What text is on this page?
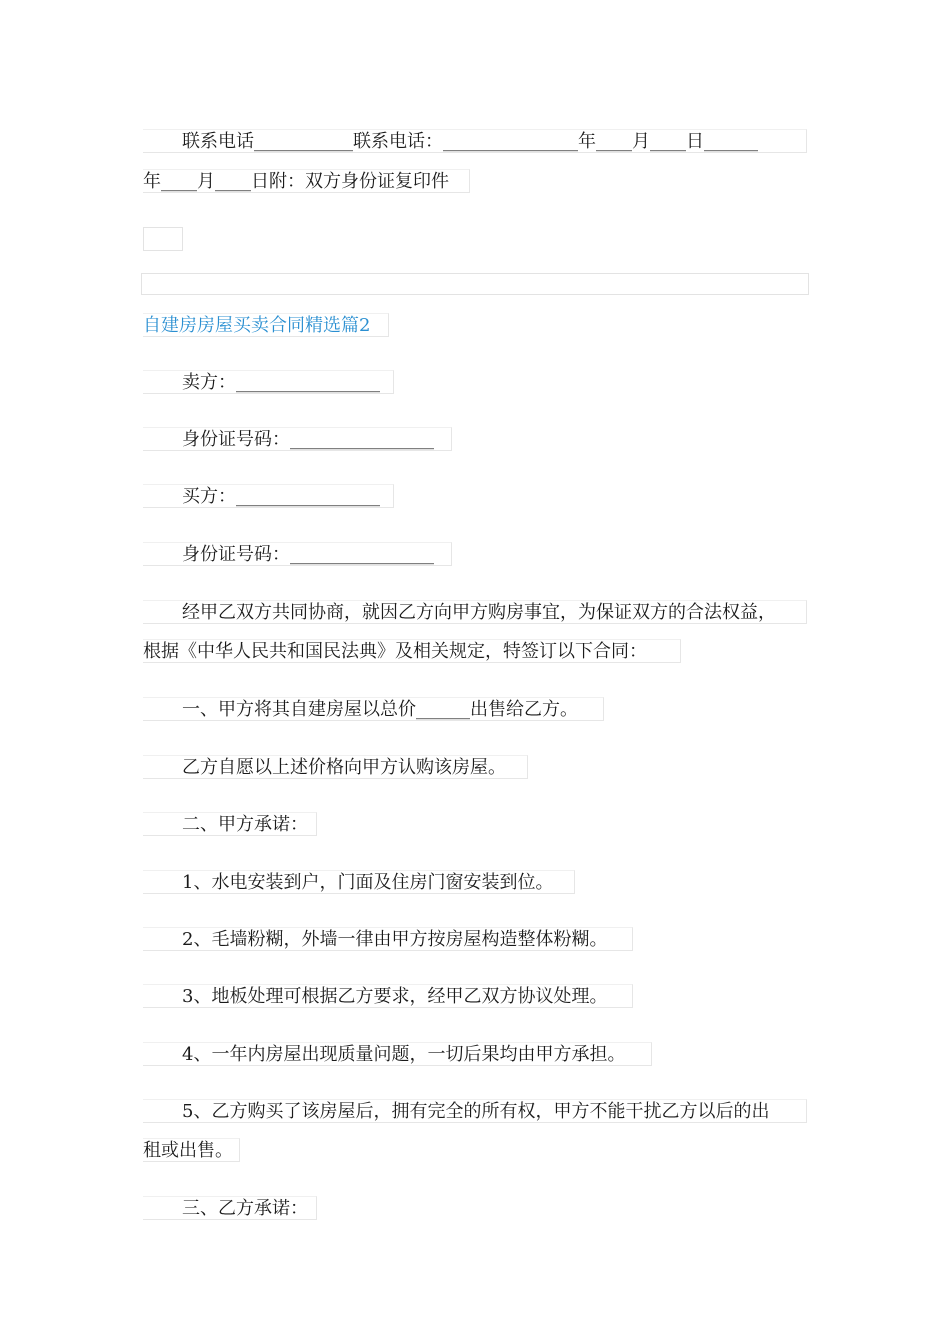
联系电话___________联系电话：_______________年____月____日______
年____月____日附：双方身份证复印件
自建房房屋买卖合同精选篇2
卖方：________________
身份证号码：________________
买方：________________
身份证号码：________________
经甲乙双方共同协商，就因乙方向甲方购房事宜，为保证双方的合法权益，
根据《中华人民共和国民法典》及相关规定，特签订以下合同：
一、甲方将其自建房屋以总价______出售给乙方。
乙方自愿以上述价格向甲方认购该房屋。
二、甲方承诺：
1、水电安装到户，门面及住房门窗安装到位。
2、毛墙粉糊，外墙一律由甲方按房屋构造整体粉糊。
3、地板处理可根据乙方要求，经甲乙双方协议处理。
4、一年内房屋出现质量问题，一切后果均由甲方承担。
5、乙方购买了该房屋后，拥有完全的所有权，甲方不能干扰乙方以后的出
租或出售。
三、乙方承诺：
